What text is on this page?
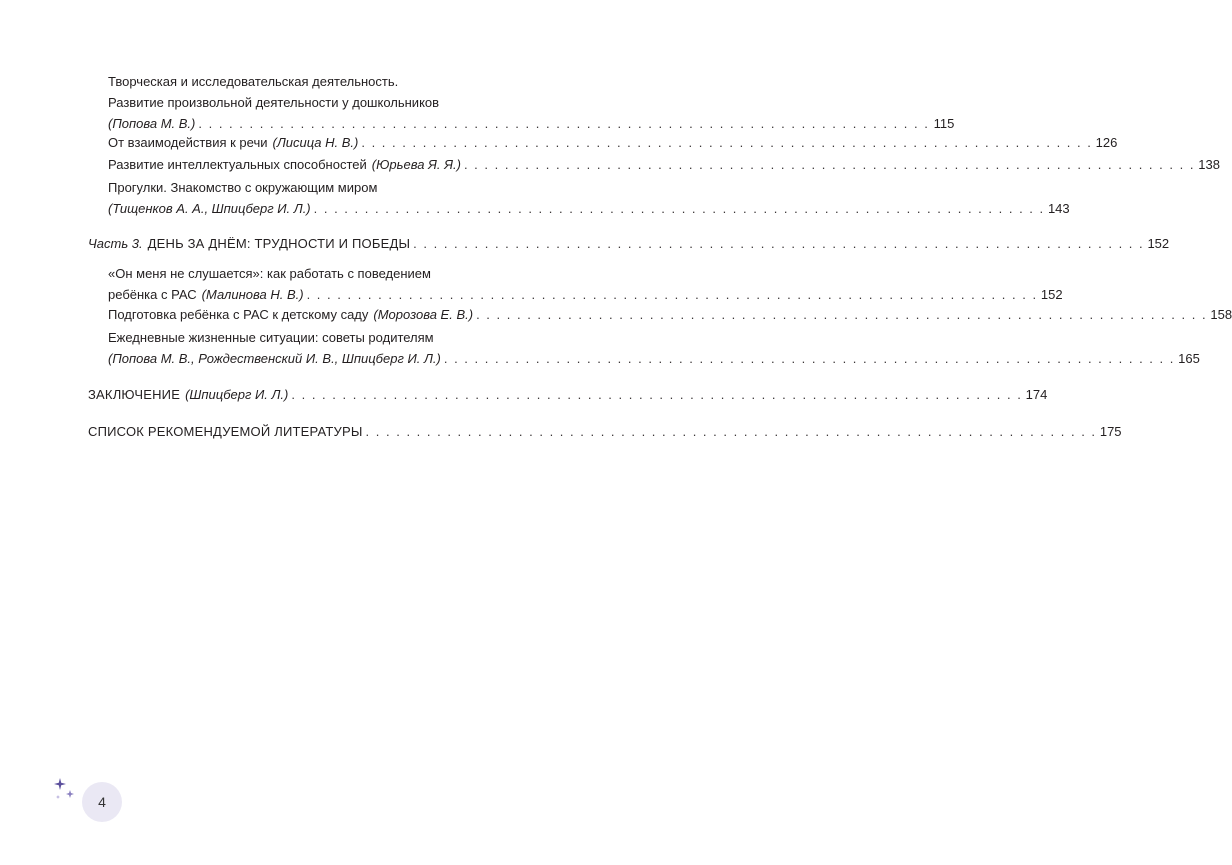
Творческая и исследовательская деятельность.
Развитие произвольной деятельности у дошкольников
(Попова М. В.) . . . . . . . . . . . . . . . . . . . . . . . . . . . . . . . . . . . . . . . . . . . . . . . . . . . . . . . . . . . . . . . . . . . . . . . . 115
От взаимодействия к речи (Лисица Н. В.) . . . . . . . . . . . . . . . . . . . . . . . . . . . . . . . . . . . . . . . . . . . . . . . . . . . . . . . . . . . . . . . . . . . . . . . . 126
Развитие интеллектуальных способностей (Юрьева Я. Я.) . . . . . . . . . . . . . . . . . . . . . . . . . . . . . . . . . . . . . . . . . . . . . . . . . . . . . . . . . . . . . . . . . . . . . . . . 138
Прогулки. Знакомство с окружающим миром
(Тищенков А. А., Шпицберг И. Л.) . . . . . . . . . . . . . . . . . . . . . . . . . . . . . . . . . . . . . . . . . . . . . . . . . . . . . . . . . . . . . . . . . . . . . . . . 143
Часть 3. ДЕНЬ ЗА ДНЁМ: ТРУДНОСТИ И ПОБЕДЫ . . . . . . . . . . . . . . . . . . . . . . . . . . . . . . . . . . . . . . . . . . . . . . . . . . . . . . . . . . . . . . . . . . . . . . . . 152
«Он меня не слушается»: как работать с поведением
ребёнка с РАС (Малинова Н. В.) . . . . . . . . . . . . . . . . . . . . . . . . . . . . . . . . . . . . . . . . . . . . . . . . . . . . . . . . . . . . . . . . . . . . . . . . 152
Подготовка ребёнка с РАС к детскому саду (Морозова Е. В.) . . . . . . . . . . . . . . . . . . . . . . . . . . . . . . . . . . . . . . . . . . . . . . . . . . . . . . . . . . . . . . . . . . . . . . . . 158
Ежедневные жизненные ситуации: советы родителям
(Попова М. В., Рождественский И. В., Шпицберг И. Л.) . . . . . . . . . . . . . . . . . . . . . . . . . . . . . . . . . . . . . . . . . . . . . . . . . . . . . . . . . . . . . . . . . . . . . . . . 165
ЗАКЛЮЧЕНИЕ (Шпицберг И. Л.) . . . . . . . . . . . . . . . . . . . . . . . . . . . . . . . . . . . . . . . . . . . . . . . . . . . . . . . . . . . . . . . . . . . . . . . . 174
СПИСОК РЕКОМЕНДУЕМОЙ ЛИТЕРАТУРЫ . . . . . . . . . . . . . . . . . . . . . . . . . . . . . . . . . . . . . . . . . . . . . . . . . . . . . . . . . . . . . . . . . . . . . . . . 175
4
